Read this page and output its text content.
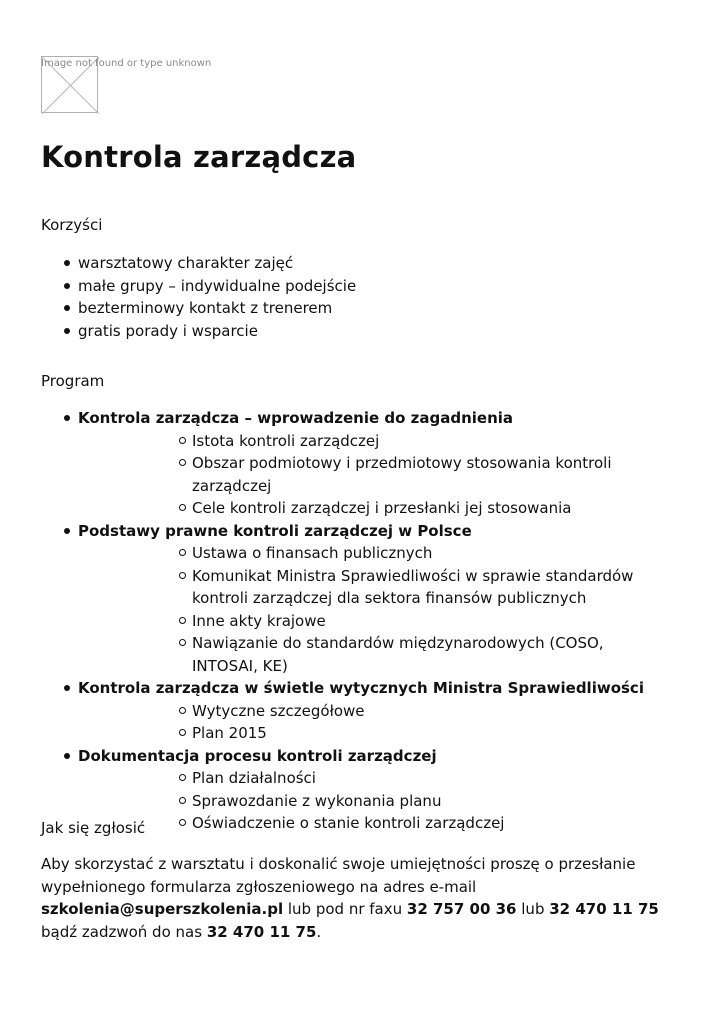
Image not found or type unknown
Kontrola zarządcza

Korzyści

warsztatowy charakter zajęć
małe grupy – indywidualne podejście
bezterminowy kontakt z trenerem
gratis porady i wsparcie

Program

Kontrola zarządcza – wprowadzenie do zagadnienia
Istota kontroli zarządczej
Obszar podmiotowy i przedmiotowy stosowania kontroli zarządczej
Cele kontroli zarządczej i przesłanki jej stosowania
Podstawy prawne kontroli zarządczej w Polsce
Ustawa o finansach publicznych
Komunikat Ministra Sprawiedliwości w sprawie standardów kontroli zarządczej dla sektora finansów publicznych
Inne akty krajowe
Nawiązanie do standardów międzynarodowych (COSO, INTOSAI, KE)
Kontrola zarządcza w świetle wytycznych Ministra Sprawiedliwości
Wytyczne szczegółowe
Plan 2015
Dokumentacja procesu kontroli zarządczej
Plan działalności
Sprawozdanie z wykonania planu
Oświadczenie o stanie kontroli zarządczej

Jak się zgłosić

Aby skorzystać z warsztatu i doskonalić swoje umiejętności proszę o przesłanie wypełnionego formularza zgłoszeniowego na adres e-mail szkolenia@superszkolenia.pl lub pod nr faxu 32 757 00 36 lub 32 470 11 75 bądź zadzwoń do nas 32 470 11 75.
